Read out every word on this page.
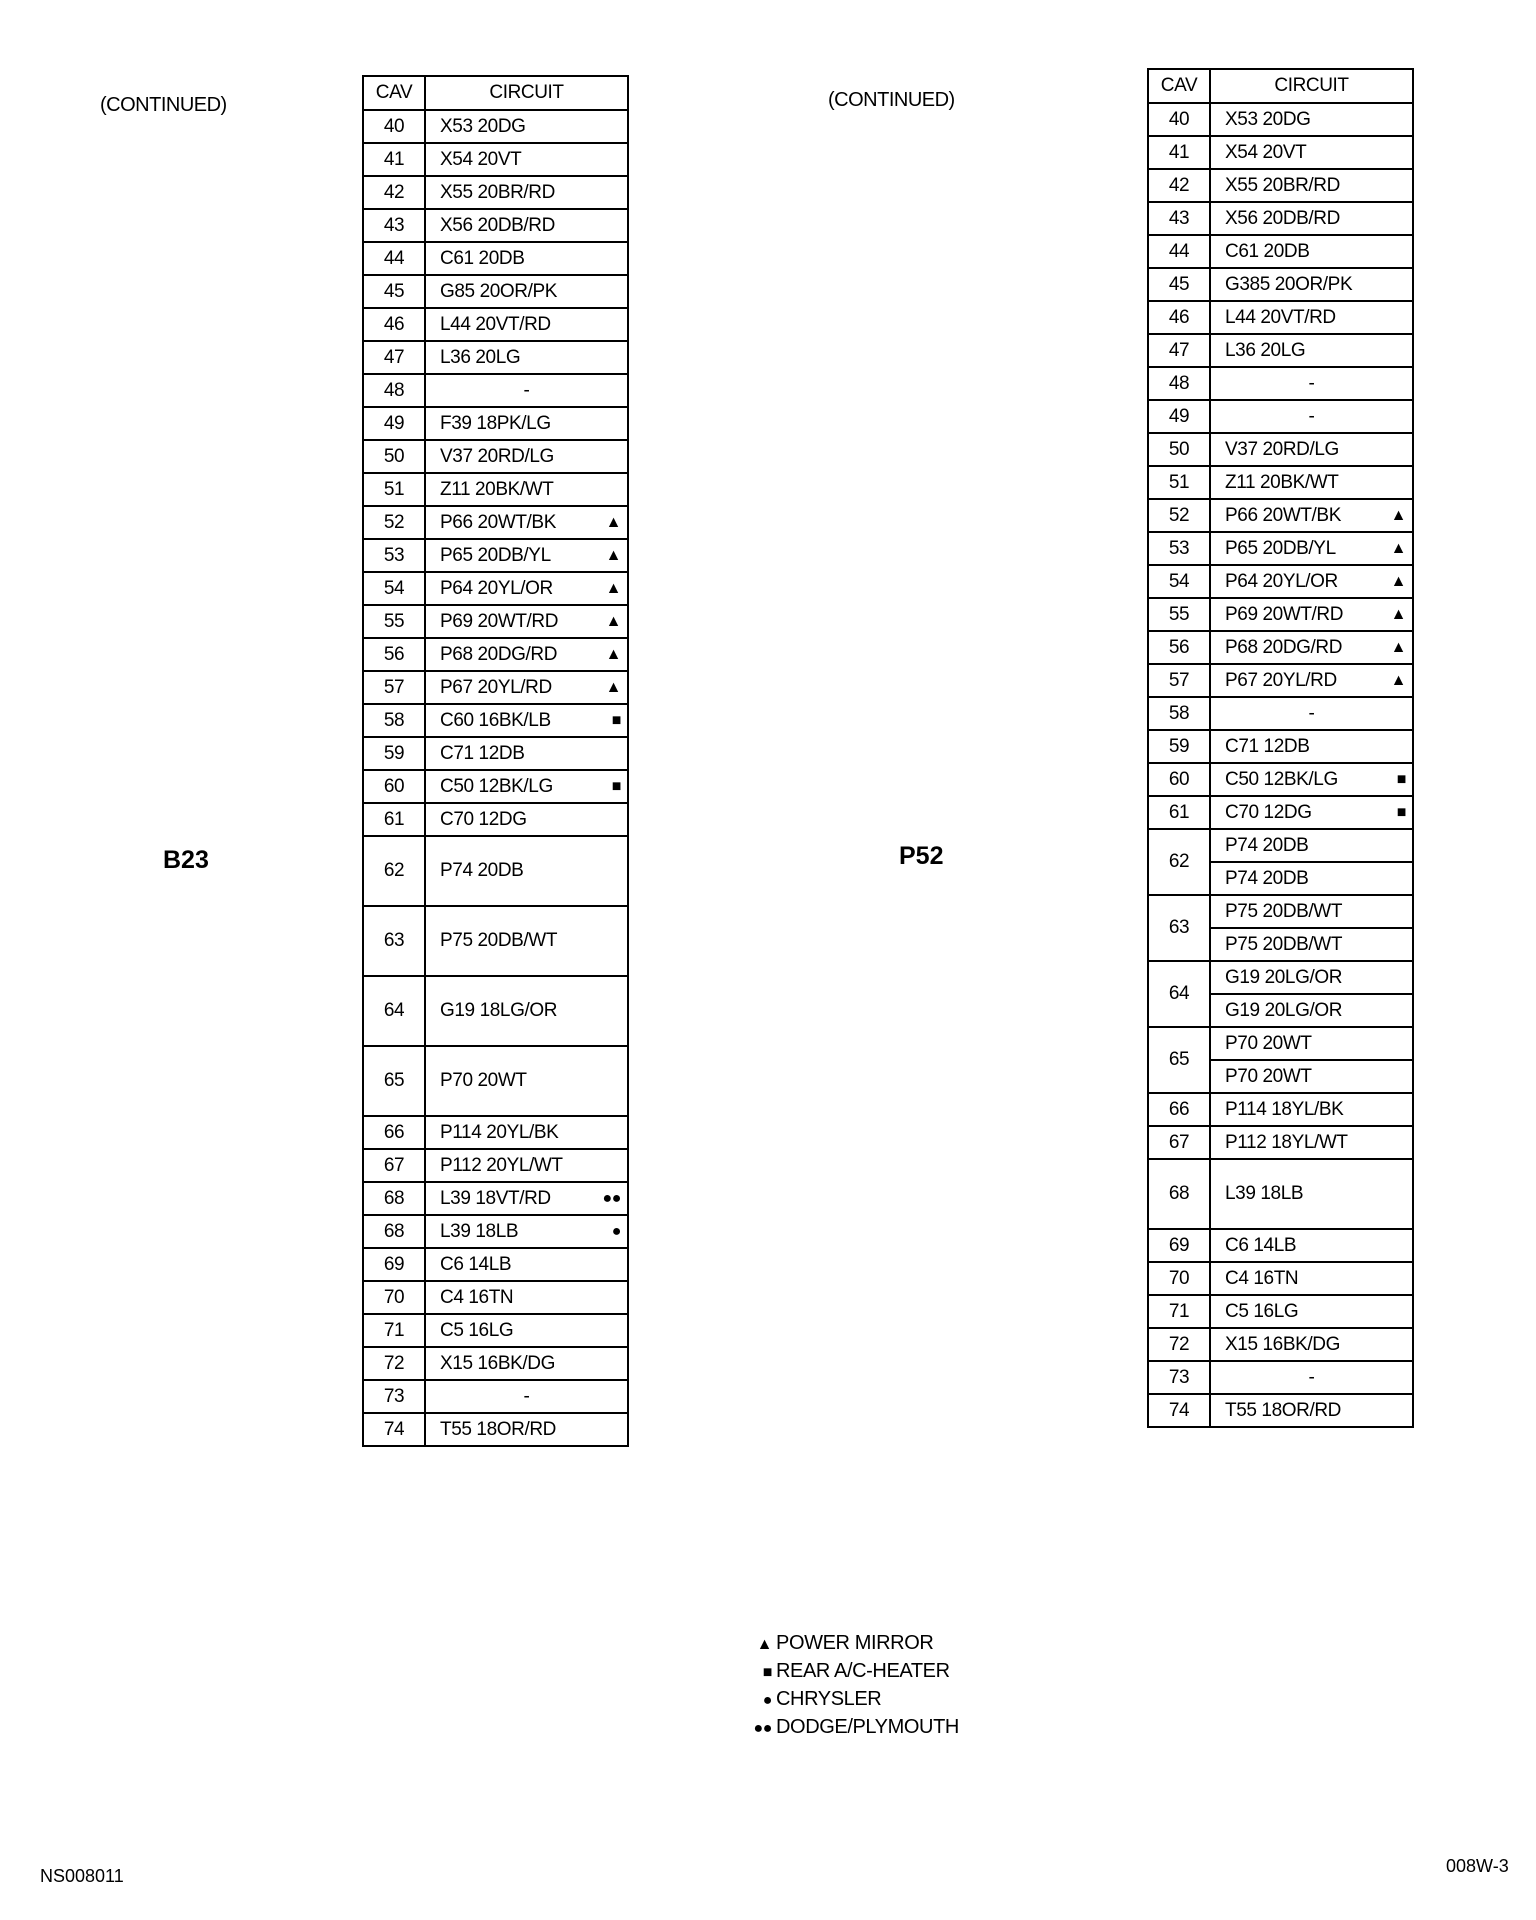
(CONTINUED)
B23
CAV	CIRCUIT
40	X53 20DG
41	X54 20VT
42	X55 20BR/RD
43	X56 20DB/RD
44	C61 20DB
45	G85 20OR/PK
46	L44 20VT/RD
47	L36 20LG
48	-

49	F39 18PK/LG
50	V37 20RD/LG
51	Z11 20BK/WT
52	P66 20WT/BK ▲

53	P65 20DB/YL ▲

54	P64 20YL/OR ▲

55	P69 20WT/RD ▲

56	P68 20DG/RD ▲

57	P67 20YL/RD ▲

58	C60 16BK/LB ■

59	C71 12DB
60	C50 12BK/LG ■

61	C70 12DG
62	P74 20DB
63	P75 20DB/WT
64	G19 18LG/OR
65	P70 20WT
66	P114 20YL/BK
67	P112 20YL/WT
68	L39 18VT/RD ●●

68	L39 18LB ●

69	C6 14LB
70	C4 16TN
71	C5 16LG
72	X15 16BK/DG
73	-

74	T55 18OR/RD
(CONTINUED)
P52
CAV	CIRCUIT
40	X53 20DG
41	X54 20VT
42	X55 20BR/RD
43	X56 20DB/RD
44	C61 20DB
45	G385 20OR/PK
46	L44 20VT/RD
47	L36 20LG
48	-

49	-

50	V37 20RD/LG
51	Z11 20BK/WT
52	P66 20WT/BK ▲

53	P65 20DB/YL ▲

54	P64 20YL/OR ▲

55	P69 20WT/RD ▲

56	P68 20DG/RD ▲

57	P67 20YL/RD ▲

58	-

59	C71 12DB
60	C50 12BK/LG ■

61	C70 12DG ■

62	P74 20DB
	P74 20DB
63	P75 20DB/WT
	P75 20DB/WT
64	G19 20LG/OR
	G19 20LG/OR
65	P70 20WT
	P70 20WT
66	P114 18YL/BK
67	P112 18YL/WT
68	L39 18LB
69	C6 14LB
70	C4 16TN
71	C5 16LG
72	X15 16BK/DG
73	-

74	T55 18OR/RD
▲ POWER MIRROR
■ REAR A/C-HEATER
● CHRYSLER
●● DODGE/PLYMOUTH
NS008011	008W-3
